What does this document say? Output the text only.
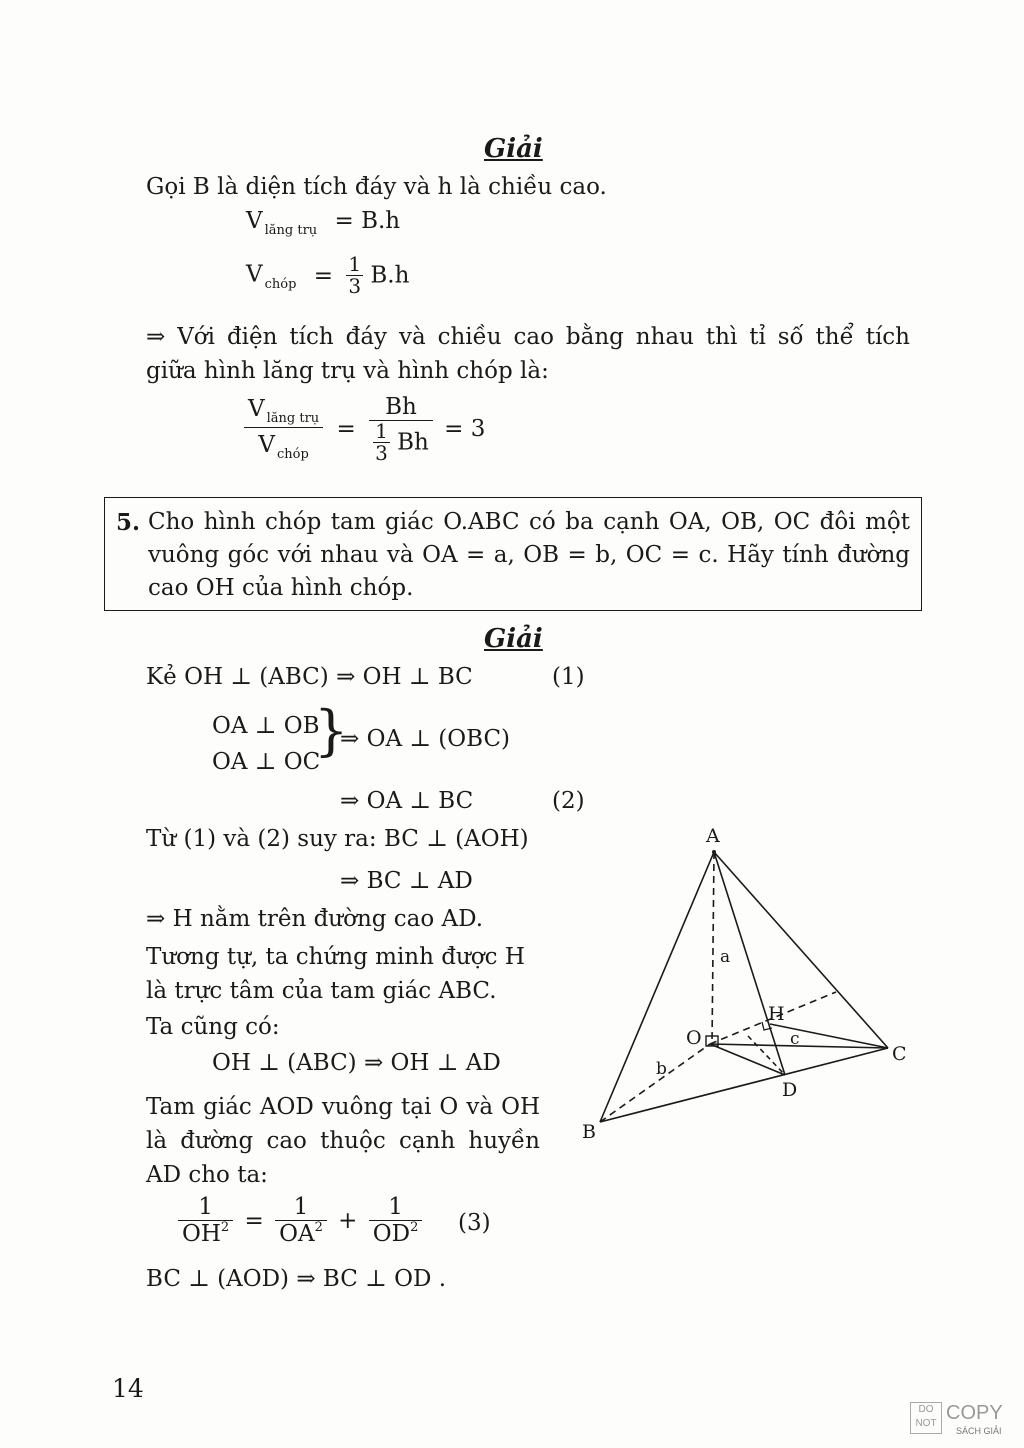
Giải
Gọi B là diện tích đáy và h là chiều cao.
V $_{lăng trụ}$ = B.h
V $_{chóp} = \frac{1}{3} B.h$
⇒ Với điện tích đáy và chiều cao bằng nhau thì tỉ số thể tích
giữa hình lăng trụ và hình chóp là:
$\frac{V _{lăng trụ}}{V _{chóp}} = \frac{Bh}{\frac{1}{3} Bh} = 3$
5. Cho hình chóp tam giác O.ABC có ba cạnh OA, OB, OC đôi một
vuông góc với nhau và OA = a, OB = b, OC = c. Hãy tính đường
cao OH của hình chóp.
Giải
Kẻ OH ⊥ (ABC) ⇒ OH ⊥ BC	(1)
OA ⊥ OB
OA ⊥ OC
}
⇒ OA ⊥ (OBC)
⇒ OA ⊥ BC	(2)
Từ (1) và (2) suy ra: BC ⊥ (AOH)
⇒ BC ⊥ AD
⇒ H nằm trên đường cao AD.
Tương tự, ta chứng minh được H
là trực tâm của tam giác ABC.
Ta cũng có:
OH ⊥ (ABC) ⇒ OH ⊥ AD
Tam giác AOD vuông tại O và OH
là đường cao thuộc cạnh huyền
AD cho ta:
$\frac{1}{OH^2} = \frac{1}{OA^2} + \frac{1}{OD^2} (3)$
BC ⊥ (AOD) ⇒ BC ⊥ OD .
A
B
C
O
H
D
a
b
c
14
DO
NOT COPY
SÁCH GIẢI
